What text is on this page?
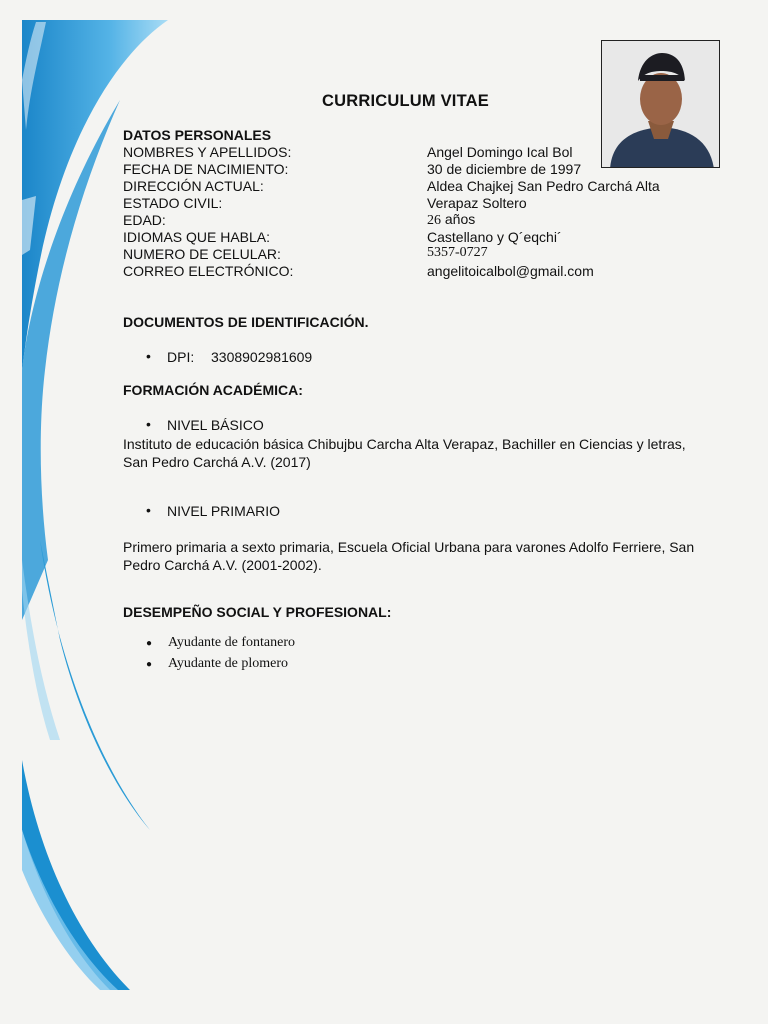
CURRICULUM VITAE
DATOS PERSONALES
NOMBRES Y APELLIDOS:
FECHA DE NACIMIENTO:
DIRECCIÓN ACTUAL:
ESTADO CIVIL:
EDAD:
IDIOMAS QUE HABLA:
NUMERO DE CELULAR:
CORREO ELECTRÓNICO:
Angel Domingo Ical Bol
30 de diciembre de 1997
Aldea Chajkej San Pedro Carchá Alta
Verapaz Soltero
26 años
Castellano y Q´eqchi´
5357-0727
angelitoicalbol@gmail.com
DOCUMENTOS DE IDENTIFICACIÓN.
• DPI: 3308902981609
FORMACIÓN ACADÉMICA:
• NIVEL BÁSICO
Instituto de educación básica Chibujbu Carcha Alta Verapaz, Bachiller en Ciencias y letras, San Pedro Carchá A.V. (2017)
• NIVEL PRIMARIO
Primero primaria a sexto primaria, Escuela Oficial Urbana para varones Adolfo Ferriere, San Pedro Carchá A.V. (2001-2002).
DESEMPEÑO SOCIAL Y PROFESIONAL:
● Ayudante de fontanero
● Ayudante de plomero
